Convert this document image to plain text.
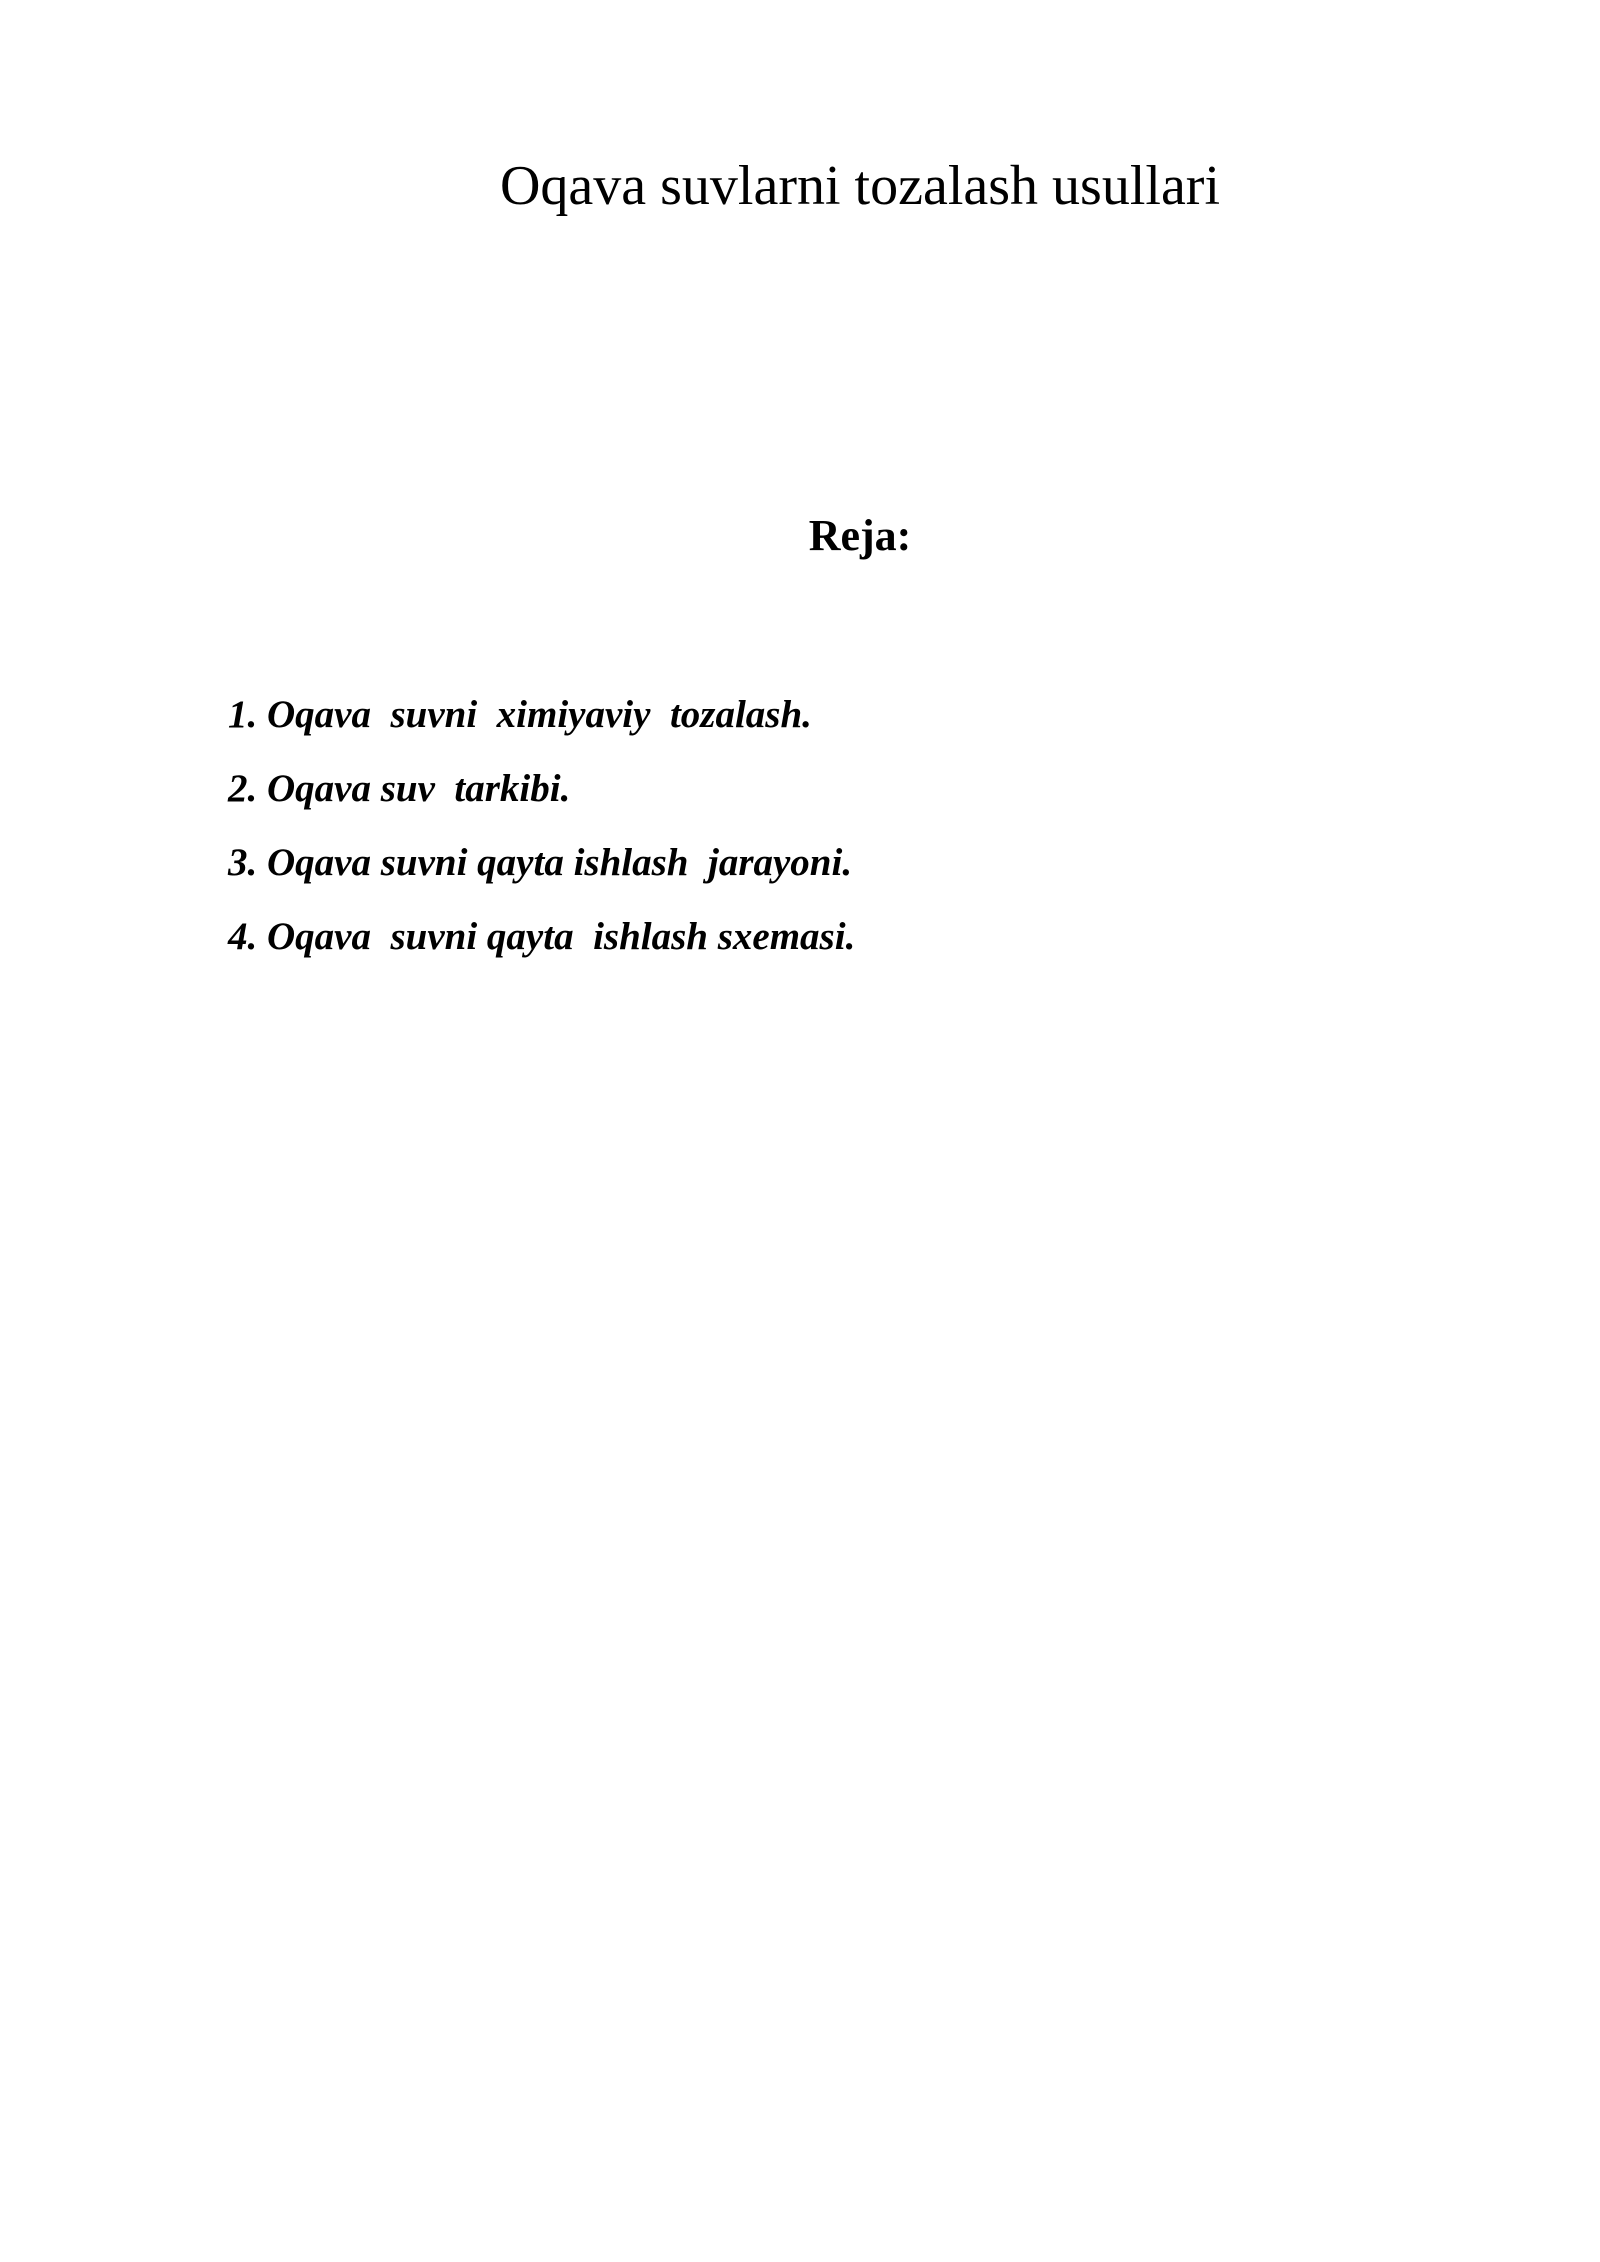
Oqava suvlarni tozalash usullari
Reja:
1. Oqava  suvni  ximiyaviy  tozalash.
2. Oqava suv  tarkibi.
3. Oqava suvni qayta ishlash  jarayoni.
4. Oqava  suvni qayta  ishlash sxemasi.
